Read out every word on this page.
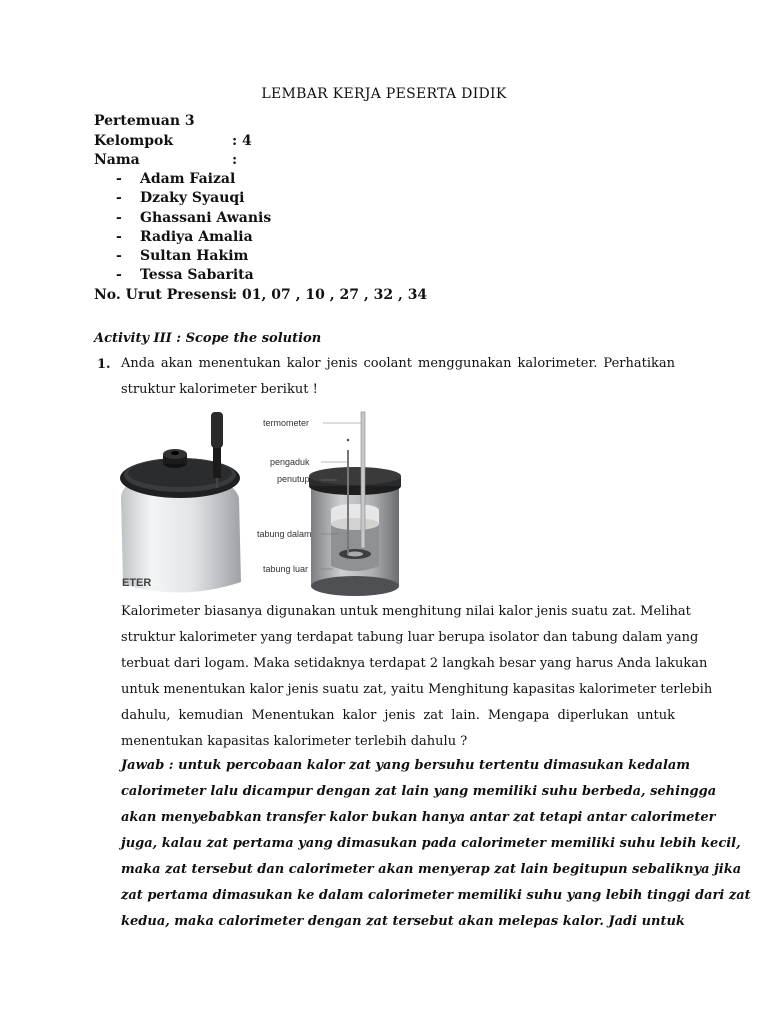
LEMBAR KERJA PESERTA DIDIK
Pertemuan 3
Kelompok	: 4
Nama	:
- Adam Faizal
- Dzaky Syauqi
- Ghassani Awanis
- Radiya Amalia
- Sultan Hakim
- Tessa Sabarita
No. Urut Presensi
: 01, 07 , 10 , 27 , 32 , 34
Activity III : Scope the solution
1. Anda akan menentukan kalor jenis coolant menggunakan kalorimeter. Perhatikan
struktur kalorimeter berikut !
ETER
termometer
pengaduk
penutup
tabung dalam
tabung luar
Kalorimeter biasanya digunakan untuk menghitung nilai kalor jenis suatu zat. Melihat
struktur kalorimeter yang terdapat tabung luar berupa isolator dan tabung dalam yang
terbuat dari logam. Maka setidaknya terdapat 2 langkah besar yang harus Anda lakukan
untuk menentukan kalor jenis suatu zat, yaitu Menghitung kapasitas kalorimeter terlebih
dahulu, kemudian Menentukan kalor jenis zat lain. Mengapa diperlukan untuk
menentukan kapasitas kalorimeter terlebih dahulu ?
Jawab : untuk percobaan kalor zat yang bersuhu tertentu dimasukan kedalam
calorimeter lalu dicampur dengan zat lain yang memiliki suhu berbeda, sehingga
akan menyebabkan transfer kalor bukan hanya antar zat tetapi antar calorimeter
juga, kalau zat pertama yang dimasukan pada calorimeter memiliki suhu lebih kecil,
maka zat tersebut dan calorimeter akan menyerap zat lain begitupun sebaliknya jika
zat pertama dimasukan ke dalam calorimeter memiliki suhu yang lebih tinggi dari zat
kedua, maka calorimeter dengan zat tersebut akan melepas kalor. Jadi untuk
